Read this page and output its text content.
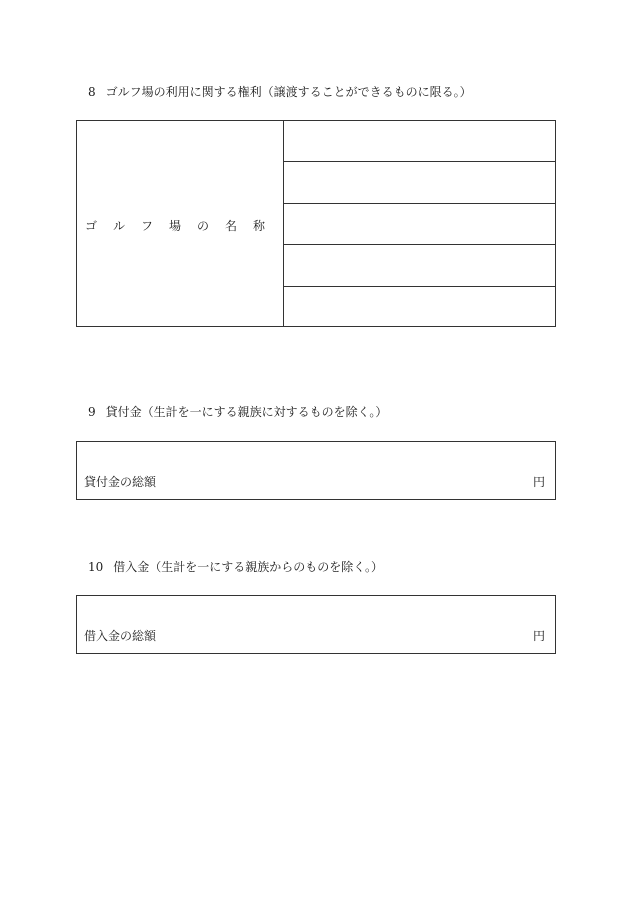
8 ゴルフ場の利用に関する権利（譲渡することができるものに限る。）
ゴルフ場の名称
9 貸付金（生計を一にする親族に対するものを除く。）
貸付金の総額	円
10 借入金（生計を一にする親族からのものを除く。）
借入金の総額	円
